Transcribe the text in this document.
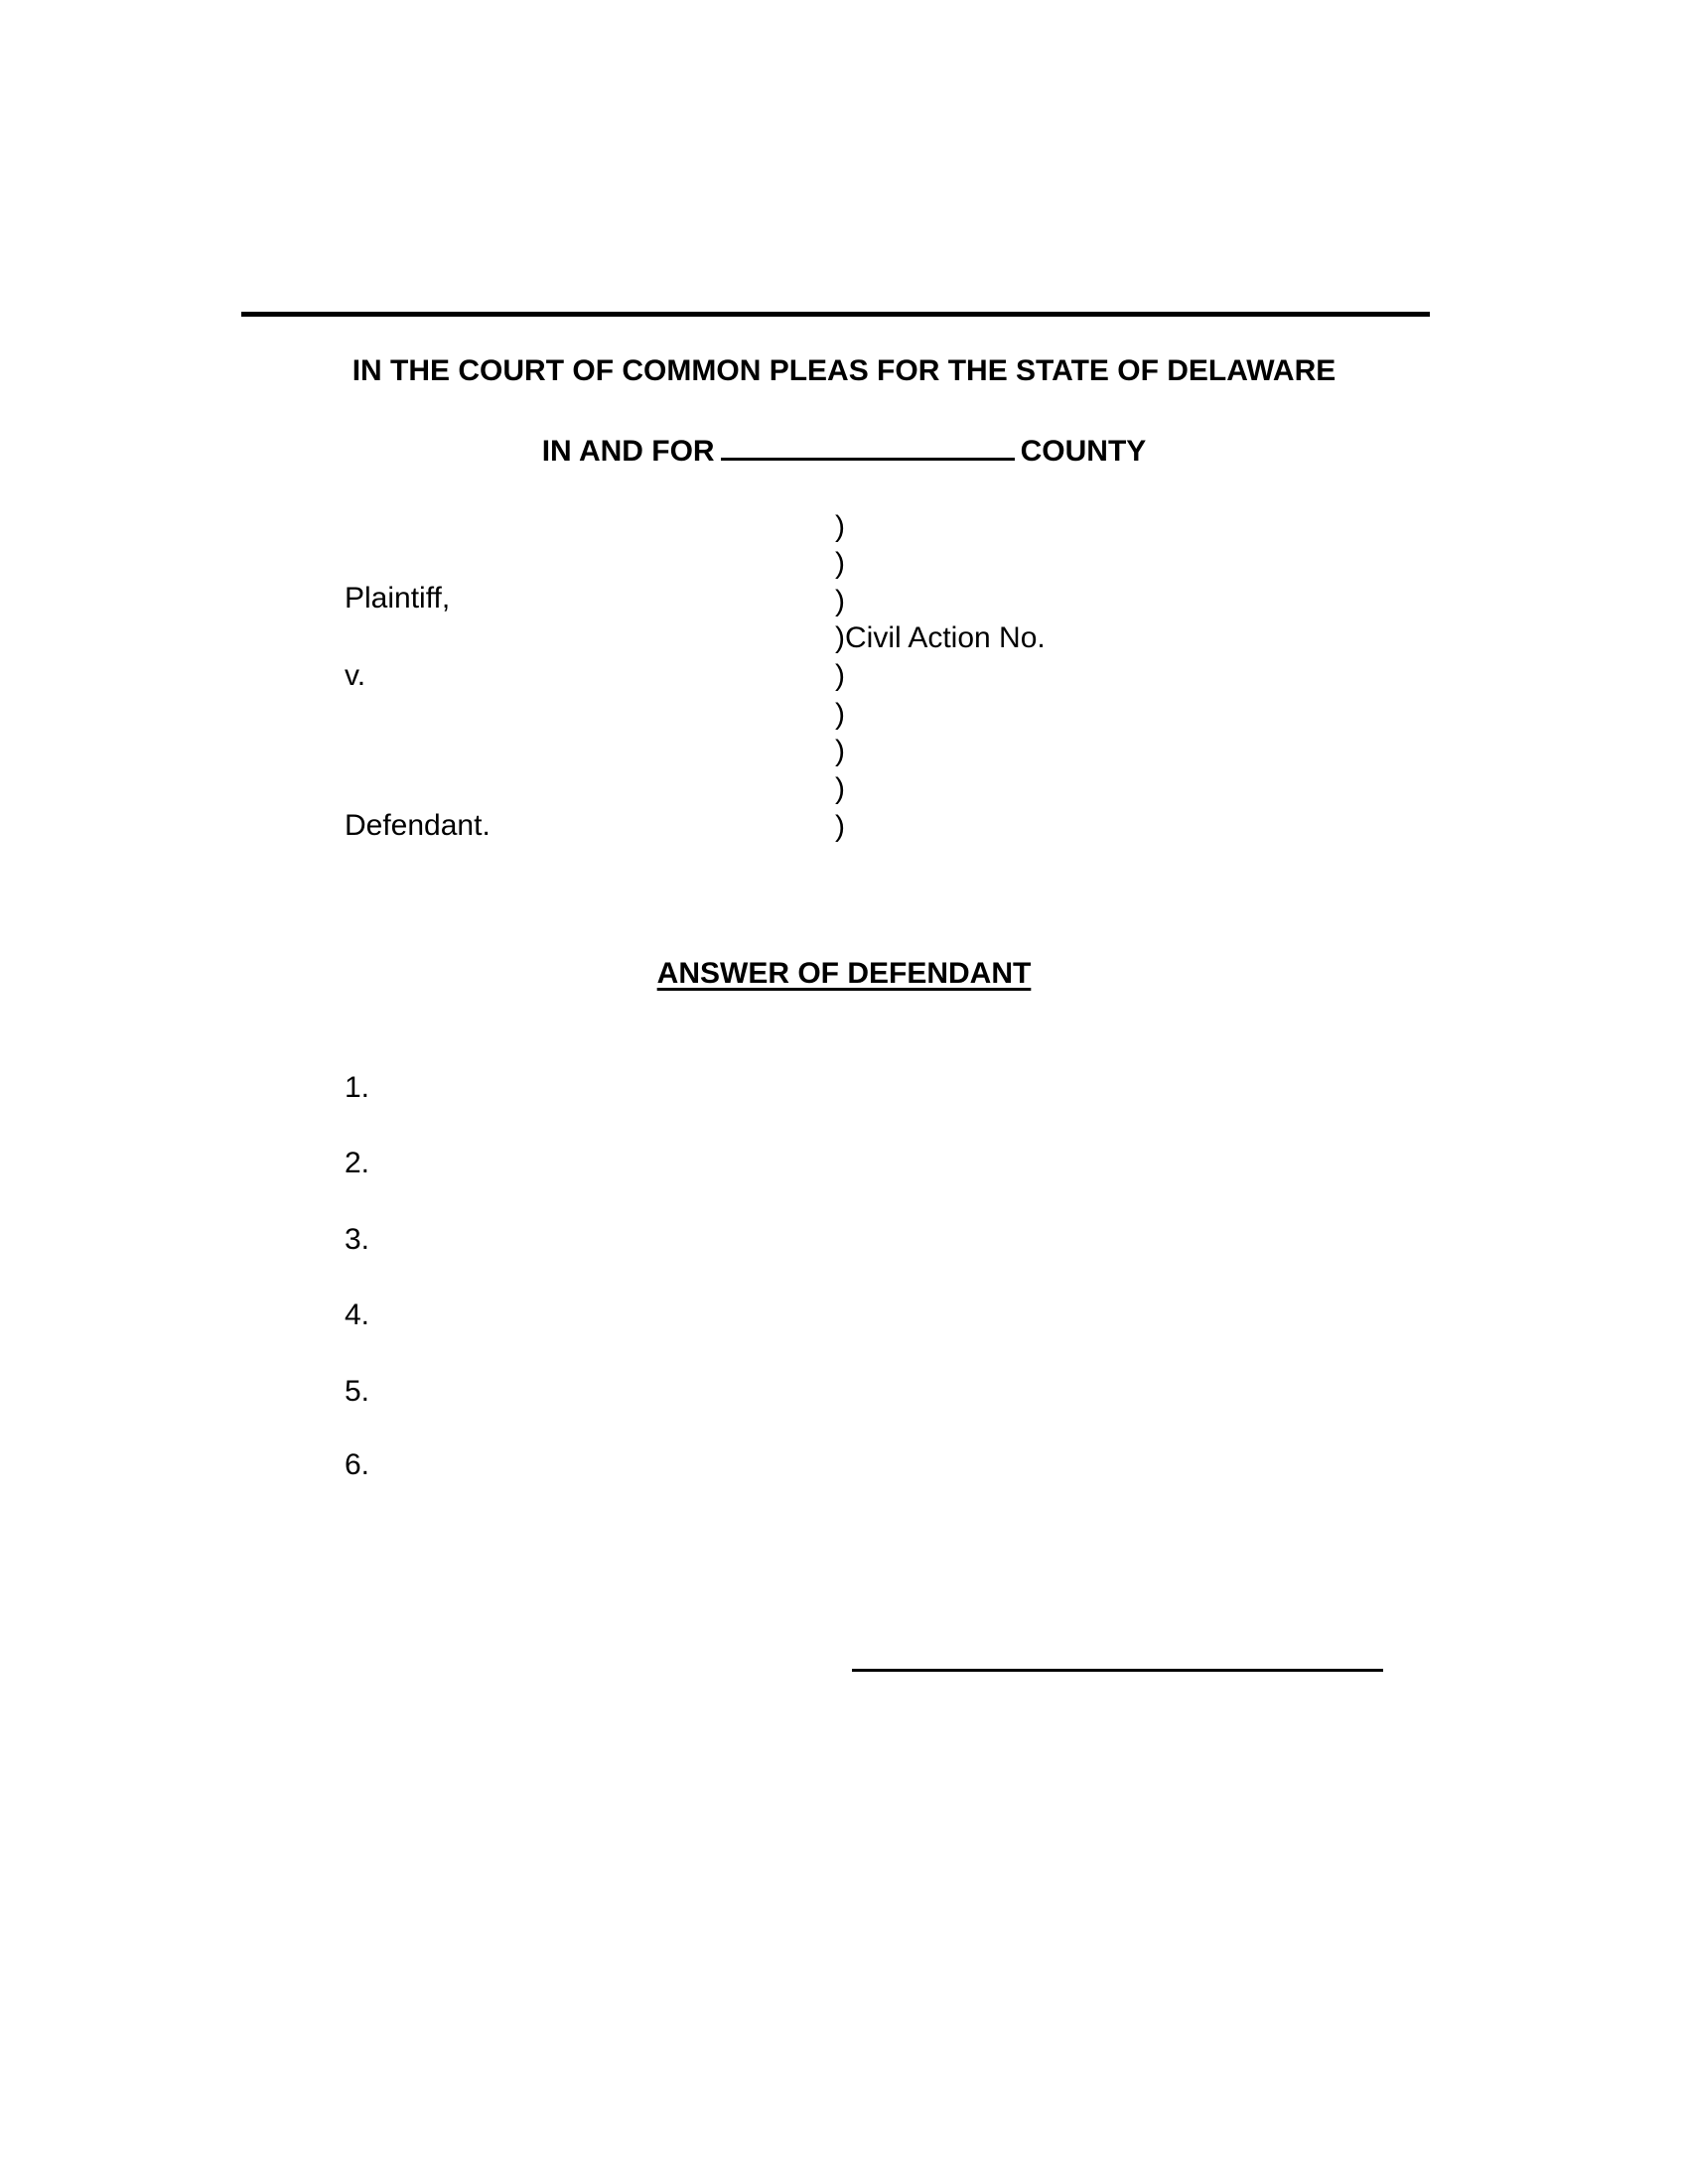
IN THE COURT OF COMMON PLEAS FOR THE STATE OF DELAWARE
IN AND FOR	COUNTY
)
)
)
)Civil Action No.
)
)
)
)
)
Plaintiff,
v.
Defendant.
ANSWER OF DEFENDANT
1.
2.
3.
4.
5.
6.
